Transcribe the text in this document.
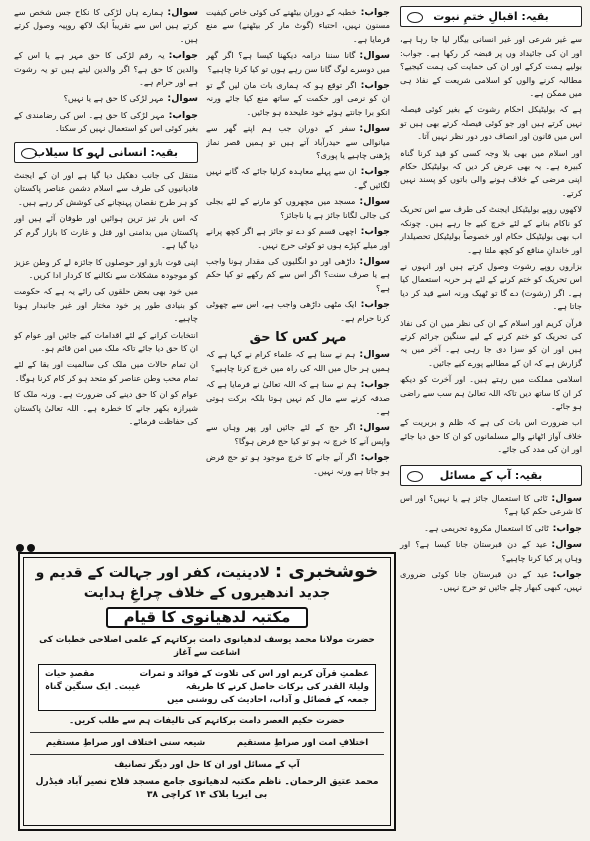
بقیہ: اقبالِ ختمِ نبوت

سے غیر شرعی اور غیر انسانی بیگار لیا جا رہا ہے، اور ان کی جائیداد وں پر قبضہ کر رکھا ہے۔ جواب: بولیے ہمت کرکے اور ان کی حمایت کی ہمت کیجیے؟ مطالبہ کرنے والوں کو اسلامی شریعت کے نفاذ ہی میں ممکن ہے۔

ہے کہ بولیٹیکل احکام رشوت کے بغیر کوئی فیصلہ نہیں کرتے ہیں اور جو کوئی فیصلہ کرتے بھی ہیں تو اس میں قانون اور انصاف دور دور نظر نہیں آتا۔

اور اسلام میں بھی بلا وجہ کسی کو قید کرنا گناہ کبیرہ ہے۔ یہ بھی عرض کر دیں کہ بولیٹیکل حکام اپنی مرضی کے خلاف ہونے والی باتوں کو پسند نہیں کرتے۔

لاکھوں روپے بولیٹیکل ایجنٹ کی طرف سے اس تحریک کو ناکام بنانے کے لئے خرچ کیے جا رہے ہیں۔ چونکہ اب بھی بولیٹیکل حکام اور خصوصاً بولیٹیکل تحصیلدار اور خاندانِ منافع کو کچھ ملتا ہے۔

بزاروں روپے رشوت وصول کرتے ہیں اور انہوں نے اس تحریک کو ختم کرنے کے لئے ہر حربہ استعمال کیا ہے۔ اگر (رشوت) دے گا تو ٹھیک ورنہ اسے قید کر دیا جاتا ہے۔

قرآن کریم اور اسلام کے ان کی نظر میں ان کی نفاذ کی تحریک کو ختم کرنے کے لیے سنگین جرائم کرتے ہیں اور ان کو سزا دی جا رہی ہے۔ آخر میں یہ گزارش ہے کہ ان کے مطالبے پورے کیے جائیں۔

اسلامی مملکت میں رہتے ہیں۔ اور آخرت کو دیکھ کر ان کا ساتھ دیں تاکہ اللہ تعالیٰ ہم سب سے راضی ہو جائے۔

اب ضرورت اس بات کی ہے کہ ظلم و بربریت کے خلاف آواز اٹھانے والے مسلمانوں کو ان کا حق دیا جائے اور ان کی مدد کی جائے۔

بقیہ: آپ کے مسائل

سوال:ٹائی کا استعمال جائز ہے یا نہیں؟ اور اس کا شرعی حکم کیا ہے؟

جواب:ٹائی کا استعمال مکروہ تحریمی ہے۔

سوال:عید کے دن قبرستان جانا کیسا ہے؟ اور وہاں پر کیا کرنا چاہیے؟

جواب:عید کے دن قبرستان جانا کوئی ضروری نہیں، کبھی کبھار چلے جائیں تو حرج نہیں۔

جواب:خطبہ کے دوران بیٹھنے کی کوئی خاص کیفیت مسنون نہیں، احتباء (گوٹ مار کر بیٹھنے) سے منع فرمایا ہے۔

سوال:گانا سننا درامہ دیکھنا کیسا ہے؟ اگر گھر میں دوسرے لوگ گانا سن رہے ہوں تو کیا کرنا چاہیے؟

جواب:اگر توقع ہو کہ ہماری بات مان لیں گے تو ان کو نرمی اور حکمت کے ساتھ منع کیا جائے ورنہ انکو برا جانتے ہوئے خود علیحدہ ہو جائیں۔

سوال:سفر کے دوران جب ہم اپنے گھر سے میانوالی سے حیدرآباد آتے ہیں تو ہمیں قصر نماز پڑھنی چاہیے یا پوری؟

جواب:ان سے پہلے معاہدہ کرلیا جائے کہ گانے نہیں لگائیں گے۔

سوال:مسجد میں مچھروں کو مارنے کے لئے بجلی کی جالی لگانا جائز ہے یا ناجائز؟

جواب:اچھی قسم کو دے تو جائز ہے اگر کچھ پرانے اور میلے کپڑے ہوں تو کوئی حرج نہیں۔

سوال:داڑھی اور دو انگلیوں کی مقدار ہونا واجب ہے یا صرف سنت؟ اگر اس سے کم رکھے تو کیا حکم ہے؟

جواب:ایک مٹھی داڑھی واجب ہے، اس سے چھوٹی کرنا حرام ہے۔

مہر کس کا حق

سوال:ہم نے سنا ہے کہ علماء کرام نے کہا ہے کہ ہمیں ہر حال میں اللہ کی راہ میں خرچ کرنا چاہیے؟

جواب:ہم نے سنا ہے کہ اللہ تعالیٰ نے فرمایا ہے کہ صدقہ کرنے سے مال کم نہیں ہوتا بلکہ برکت ہوتی ہے۔

سوال:اگر حج کے لئے جائیں اور پھر وہاں سے واپس آنے کا خرچ نہ ہو تو کیا حج فرض ہوگا؟

جواب:اگر آنے جانے کا خرچ موجود ہو تو حج فرض ہو جاتا ہے ورنہ نہیں۔

سوال:ہمارے ہاں لڑکی کا نکاح جس شخص سے کرتے ہیں اس سے تقریباً ایک لاکھ روپیہ وصول کرتے ہیں۔

جواب:یہ رقم لڑکی کا حق مہر ہے یا اس کے والدین کا حق ہے؟ اگر والدین لیتے ہیں تو یہ رشوت ہے اور حرام ہے۔

سوال:مہر لڑکی کا حق ہے یا نہیں؟

جواب:مہر لڑکی کا حق ہے۔ اس کی رضامندی کے بغیر کوئی اس کو استعمال نہیں کر سکتا۔

بقیہ: انسانی لہو کا سیلاب

منتقل کی جانب دھکیل دیا گیا ہے اور ان کے ایجنٹ قادیانیوں کی طرف سے اسلام دشمن عناصر پاکستان کو ہر طرح نقصان پہنچانے کی کوشش کر رہے ہیں۔

کہ اس بار تیز ترین ہوائیں اور طوفان آئے ہیں اور پاکستان میں بدامنی اور قتل و غارت کا بازار گرم کر دیا گیا ہے۔

اپنی قوت بازو اور حوصلوں کا جائزہ لے کر وطن عزیز کو موجودہ مشکلات سے نکالنے کا کردار ادا کریں۔

میں خود بھی بعض حلقوں کی رائے یہ ہے کہ حکومت کو بنیادی طور پر خود مختار اور غیر جانبدار ہونا چاہیے۔

انتخابات کرانے کے لئے اقدامات کیے جائیں اور عوام کو ان کا حق دیا جائے تاکہ ملک میں امن قائم ہو۔

ان تمام حالات میں ملک کی سالمیت اور بقا کے لئے تمام محب وطن عناصر کو متحد ہو کر کام کرنا ہوگا۔

عوام کو ان کا حق دینے کی ضرورت ہے۔ ورنہ ملک کا شیرازہ بکھر جانے کا خطرہ ہے۔ اللہ تعالیٰ پاکستان کی حفاظت فرمائے۔

خوشخبری : لادینیت، کفر اور جہالت کے قدیم و جدید اندھیروں کے خلاف چراغِ ہدایت
مکتبہ لدھیانوی کا قیام
حضرت مولانا محمد یوسف لدھیانوی دامت برکاتہم کے علمی اصلاحی خطبات کی اشاعت سے آغاز
عظمتِ قرآن کریم اور اس کی تلاوت کے فوائد و ثمرات
مقصدِ حیات
ولیلۃ القدر کی برکات حاصل کرنے کا طریقہ
غیبت۔ ایک سنگین گناہ
جمعہ کے فضائل و آداب، احادیث کی روشنی میں
حضرت حکیم العصر دامت برکاتہم کی تالیفات ہم سے طلب کریں۔
اختلافِ امت اور صراطِ مستقیم
شیعہ سنی اختلاف اور صراطِ مستقیم
آپ کے مسائل اور ان کا حل اور دیگر تصانیف
محمد عتیق الرحمان۔ ناظم مکتبہ لدھیانوی جامع مسجد فلاح نصیر آباد فیڈرل بی ایریا بلاک ۱۴ کراچی ۳۸
